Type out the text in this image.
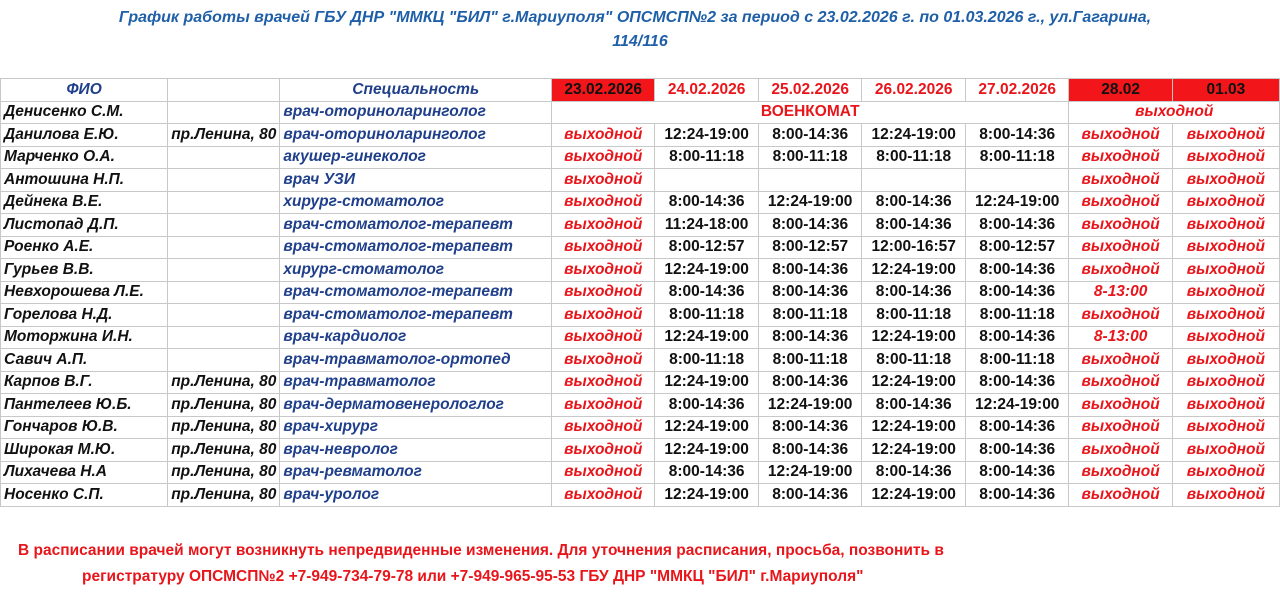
График работы врачей ГБУ ДНР "ММКЦ "БИЛ" г.Мариуполя" ОПСМСП№2 за период с 23.02.2026 г. по 01.03.2026 г., ул.Гагарина,
114/116
ФИО		Специальность	23.02.2026	24.02.2026	25.02.2026	26.02.2026	27.02.2026	28.02	01.03
Денисенко С.М.		врач-оториноларинголог	ВОЕНКОМАТ					выходной	
Данилова Е.Ю.	пр.Ленина, 80	врач-оториноларинголог	выходной	12:24-19:00	8:00-14:36	12:24-19:00	8:00-14:36	выходной	выходной
Марченко О.А.		акушер-гинеколог	выходной	8:00-11:18	8:00-11:18	8:00-11:18	8:00-11:18	выходной	выходной
Антошина Н.П.		врач УЗИ	выходной					выходной	выходной
Дейнека В.Е.		хирург-стоматолог	выходной	8:00-14:36	12:24-19:00	8:00-14:36	12:24-19:00	выходной	выходной
Листопад Д.П.		врач-стоматолог-терапевт	выходной	11:24-18:00	8:00-14:36	8:00-14:36	8:00-14:36	выходной	выходной
Роенко А.Е.		врач-стоматолог-терапевт	выходной	8:00-12:57	8:00-12:57	12:00-16:57	8:00-12:57	выходной	выходной
Гурьев В.В.		хирург-стоматолог	выходной	12:24-19:00	8:00-14:36	12:24-19:00	8:00-14:36	выходной	выходной
Невхорошева Л.Е.		врач-стоматолог-терапевт	выходной	8:00-14:36	8:00-14:36	8:00-14:36	8:00-14:36	8-13:00	выходной
Горелова Н.Д.		врач-стоматолог-терапевт	выходной	8:00-11:18	8:00-11:18	8:00-11:18	8:00-11:18	выходной	выходной
Моторжина И.Н.		врач-кардиолог	выходной	12:24-19:00	8:00-14:36	12:24-19:00	8:00-14:36	8-13:00	выходной
Савич А.П.		врач-травматолог-ортопед	выходной	8:00-11:18	8:00-11:18	8:00-11:18	8:00-11:18	выходной	выходной
Карпов В.Г.	пр.Ленина, 80	врач-травматолог	выходной	12:24-19:00	8:00-14:36	12:24-19:00	8:00-14:36	выходной	выходной
Пантелеев Ю.Б.	пр.Ленина, 80	врач-дерматовенерологлог	выходной	8:00-14:36	12:24-19:00	8:00-14:36	12:24-19:00	выходной	выходной
Гончаров Ю.В.	пр.Ленина, 80	врач-хирург	выходной	12:24-19:00	8:00-14:36	12:24-19:00	8:00-14:36	выходной	выходной
Широкая М.Ю.	пр.Ленина, 80	врач-невролог	выходной	12:24-19:00	8:00-14:36	12:24-19:00	8:00-14:36	выходной	выходной
Лихачева Н.А	пр.Ленина, 80	врач-ревматолог	выходной	8:00-14:36	12:24-19:00	8:00-14:36	8:00-14:36	выходной	выходной
Носенко С.П.	пр.Ленина, 80	врач-уролог	выходной	12:24-19:00	8:00-14:36	12:24-19:00	8:00-14:36	выходной	выходной
В расписании врачей могут возникнуть непредвиденные изменения. Для уточнения расписания, просьба, позвонить в
регистратуру ОПСМСП№2 +7-949-734-79-78 или +7-949-965-95-53 ГБУ ДНР "ММКЦ "БИЛ" г.Мариуполя"
